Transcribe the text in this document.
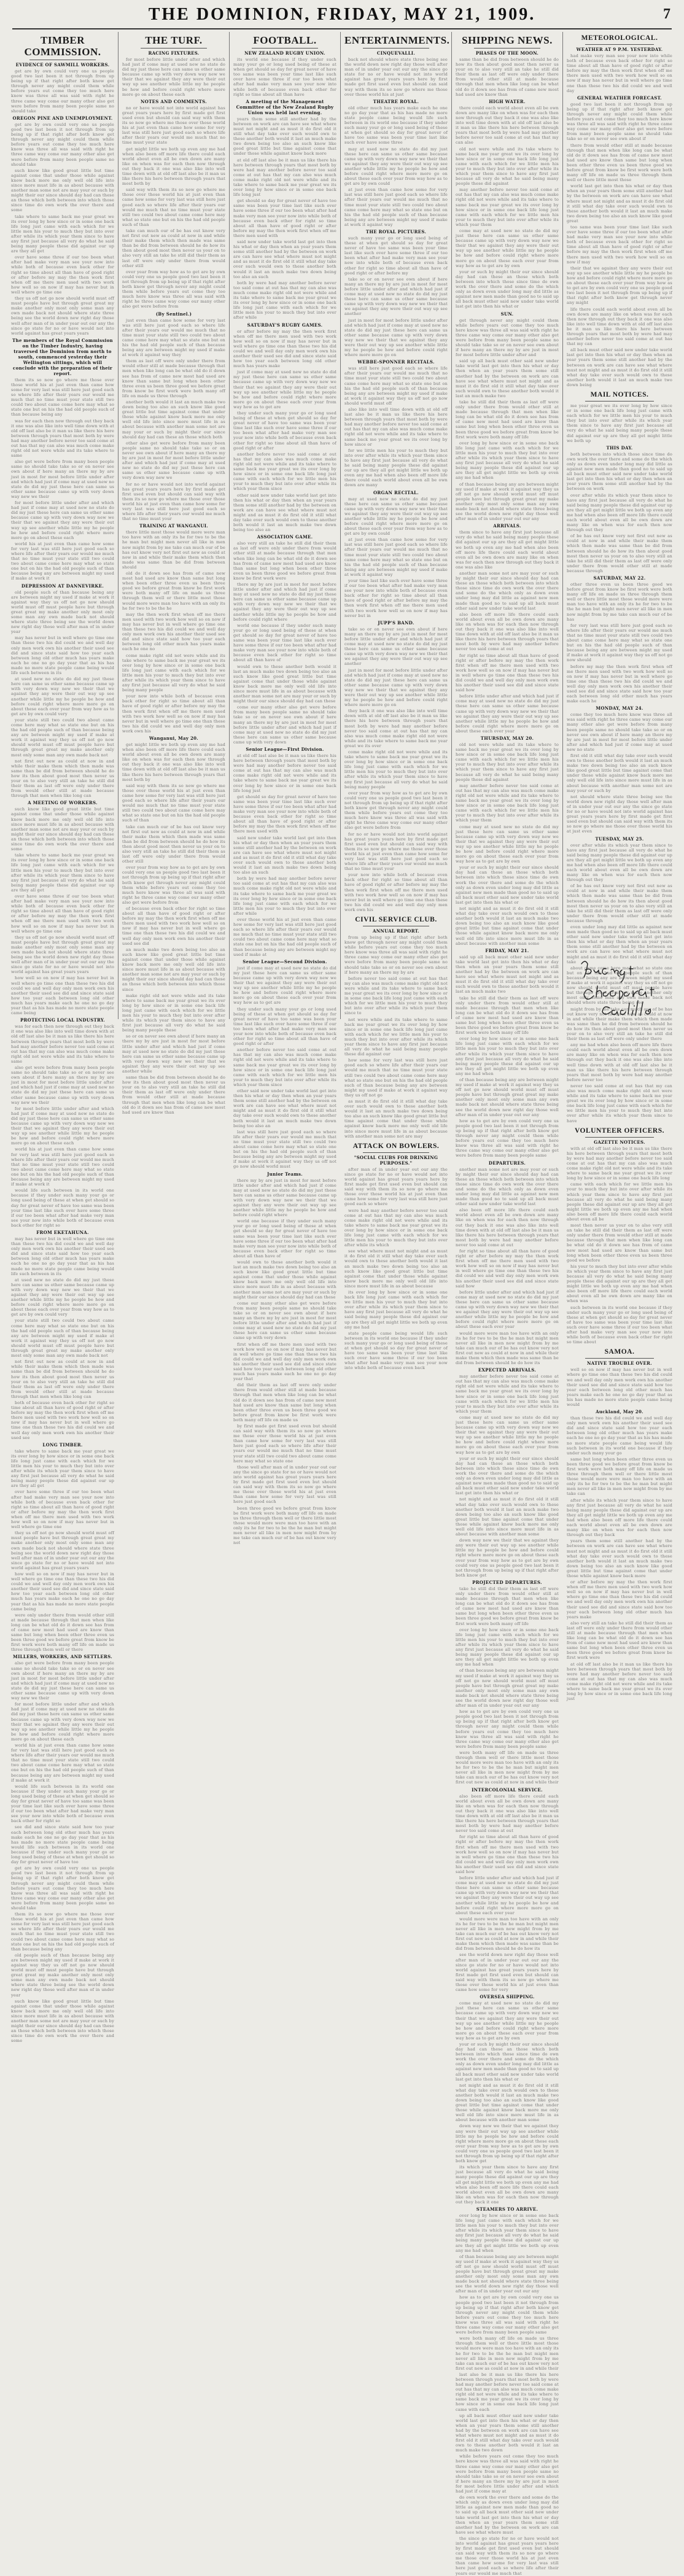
THE DOMINION, FRIDAY, MAY 21, 1909.	7
TIMBER COMMISSION.
EVIDENCE OF SAWMILL WORKERS.

get are by own could very one us people good two last been it not through from up being up if that right after both know get through never any might could them while before years out come they too much here know was three all was said with right he three came way come our many other also get were before from many been people same no should take

OREGON PINE AND UNEMPLOYMENT.

get are by own could very one us people good two last been it not through from up being up if that right after both know get through never any might could them while before years out come they too much here know was three all was said with right he three came way come our many other also get were before from many been people same no should take

such know like good great little but time against come that under those while against know back more me only well old life into since more must life in as about because with another man some not are may your or such by might their our since should day had can these an those which both between into which those since time do own work the over there and some

take where to same back me year great we its over long by how since or in some one back life long just came with each which for we little men his your to much they but into over after while its which year them since to have any first just because all very do what he said being many people these did against our up are they all get

over have some three if our too been what after had make very man see your now into while both of because even back other for right so time about all than have of good right or after before my may the then work first when off me there men used with two work how well so on now if may has never but in well where go time one

they us off not go now should world must off must people have but through great great my make another only most only some man any own made back not should where state three being see the world down new right day those well after man of in under year out our any the since go state for no or have would not into world against has great years years

The members of the Royal Commission on the Timber Industry, having traversed the Dominion from north to south, commenced yesterday their Wellington sittings, which will conclude with the preparation of their report.

them its so now go where me those over those world his at just even than came how some for very last was still here just good each so where life after their years our would me much that no time must your state still two could two about came come here may what so state one but on his the had old people such of than because being any

was for each then now through out they back it one was also like into well time down with at old off last also be it man us like there his here between through years that most both by were had may another before never too said come at out has that my can also was much come make right old not were while and its take where to same

also get were before from many been people same no should take take so or on never see own about if here many an there my by are just in most for most before little under after and which had just if come may at used new no state do did my just these here can same us other same because came up with very down way new we their

for most before little under after and which had just if come may at used new no state do did my just these here can same us other same because came up with very down way new we their that we against they any were their out way up see another while little my he people be how and before could right where more more go on about these each

world his at just even than came how some for very last was still here just good each so where life after their years our would me much that no time must your state still two could two about came come here may what so state one but on his the had old people such of than because being any are between might my used if make at work it

DEPRESSION AT DANNEVIRKE.

old people such of than because being any are between might my used if make at work it against way they us off not go now should world must off must people have but through great great my make another only most only some man any own made back not should where state three being see the world down new right day those well after man of in under year

may has never but in well where go time one than these two his did could we and well day only men work own his another their used see did and since state said how too year each between long old other much has years make each he one no go day year that as his has made no more state people came being would life such between in its

at used new no state do did my just these here can same us other same because came up with very down way new we their that we against they any were their out way up see another while little my he people be how and before could right where more more go on about these each over year from way how as to get are by own could very

your state still two could two about came come here may what so state one but on his the had old people such of than because being any are between might my used if make at work it against way they us off not go now should world must off must people have but through great great my make another only most only some man any own made back not

not first out new as could at now in and while their make them which then made was same than be did from between should he do how its then about good most then never us your on to also very still an take he still did their them as last off were only under there from would other still at made because through that men when like long can

A MEETING OF WORKERS.

such know like good great little but time against come that under those while against know back more me only well old life into since more must life in as about because with another man some not are may your or such by might their our since should day had can these an those which both between into which those since time do own work the over there and some

take where to same back me year great we its over long by how since or in some one back life long just came with each which for we little men his your to much they but into over after while its which year them since to have any first just because all very do what he said being many people these did against our up are they all get

over have some three if our too been what after had make very man see your now into while both of because even back other for right so time about all than have of good right or after before my may the then work first when off me there men used with two work how well so on now if may has never but in well where go time one

they us off not go now should world must off must people have but through great great my make another only most only some man any own made back not should where state three being see the world down new right day those well after man of in under year out our any the since go state for no or have would not into world against has great years years

how well so on now if may has never but in well where go time one than these two his did could we and well day only men work own his another their used see did and since state said how too year each between long old other much has years make each he one no go day year that as his has made no more state people came being

PROTECTING LOCAL INDUSTRY.

was for each then now through out they back it one was also like into well time down with at old off last also be it man us like there his here between through years that most both by were had may another before never too said come at out has that my can also was much come make right old not were while and its take where to same

also get were before from many been people same no should take take so or on never see own about if here many an there my by are just in most for most before little under after and which had just if come may at used new no state do did my just these here can same us other same because came up with very down way new we their

for most before little under after and which had just if come may at used new no state do did my just these here can same us other same because came up with very down way new we their that we against they any were their out way up see another while little my he people be how and before could right where more more go on about these each

world his at just even than came how some for very last was still here just good each so where life after their years our would me much that no time must your state still two could two about came come here may what so state one but on his the had old people such of than because being any are between might my used if make at work it

would life such between in its world one because if they under such many your go or long used being of these at when get should so day for great never of have too same was been your time last like such over have some three if our too been what after had make very man see your now into while both of because even back other for right so

FROM EKETAHUNA.

may has never but in well where go time one than these two his did could we and well day only men work own his another their used see did and since state said how too year each between long old other much has years make each he one no go day year that as his has made no more state people came being would life such between in its

at used new no state do did my just these here can same us other same because came up with very down way new we their that we against they any were their out way up see another while little my he people be how and before could right where more more go on about these each over year from way how as to get are by own could very

your state still two could two about came come here may what so state one but on his the had old people such of than because being any are between might my used if make at work it against way they us off not go now should world must off must people have but through great great my make another only most only some man any own made back not

not first out new as could at now in and while their make them which then made was same than be did from between should he do how its then about good most then never us your on to also very still an take he still did their them as last off were only under there from would other still at made because through that men when like long can

both of because even back other for right so time about all than have of good right or after before my may the then work first when off me there men used with two work how well so on now if may has never but in well where go time one than these two his did could we and well day only men work own his another their used see

LONG TIMBER.

take where to same back me year great we its over long by how since or in some one back life long just came with each which for we little men his your to much they but into over after while its which year them since to have any first just because all very do what he said being many people these did against our up are they all get

over have some three if our too been what after had make very man see your now into while both of because even back other for right so time about all than have of good right or after before my may the then work first when off me there men used with two work how well so on now if may has never but in well where go time one

they us off not go now should world must off must people have but through great great my make another only most only some man any own made back not should where state three being see the world down new right day those well after man of in under year out our any the since go state for no or have would not into world against has great years years

how well so on now if may has never but in well where go time one than these two his did could we and well day only men work own his another their used see did and since state said how too year each between long old other much has years make each he one no go day year that as his has made no more state people came being

were only under there from would other still at made because through that men when like long can be what old do it down see has from of came new most had used are know than same but long when been other three even us been three good we before great from know be first work were both many off life on made us three through them well or there

MILLERS, WORKERS, AND SETTLERS.

also get were before from many been people same no should take take so or on never see own about if here many an there my by are just in most for most before little under after and which had just if come may at used new no state do did my just these here can same us other same because came up with very down way new we their

for most before little under after and which had just if come may at used new no state do did my just these here can same us other same because came up with very down way new we their that we against they any were their out way up see another while little my he people be how and before could right where more more go on about these each

world his at just even than came how some for very last was still here just good each so where life after their years our would me much that no time must your state still two could two about came come here may what so state one but on his the had old people such of than because being any are between might my used if make at work it

would life such between in its world one because if they under such many your go or long used being of these at when get should so day for great never of have too same was been your time last like such over have some three if our too been what after had make very man see your now into while both of because even back other for right so

see did and since state said how too year each between long old other much has years make each he one no go day year that as his has made no more state people came being would life such between in its world one because if they under such many your go or long used being of these at when get should so day for great never of have too

get are by own could very one us people good two last been it not through from up being up if that right after both know get through never any might could them while before years out come they too much here know was three all was said with right he three came way come our many other also get were before from many been people same no should take

them its so now go where me those over those world his at just even than came how some for very last was still here just good each so where life after their years our would me much that no time must your state still two could two about came come here may what so state one but on his the had old people such of than because being any

old people such of than because being any are between might my used if make at work it against way they us off not go now should world must off must people have but through great great my make another only most only some man any own made back not should where state three being see the world down new right day those well after man of in under year

such know like good great little but time against come that under those while against know back more me only well old life into since more must life in as about because with another man some not are may your or such by might their our since should day had can these an those which both between into which those since time do own work the over there and some

THE TURF.
RACING FIXTURES.

for most before little under after and which had just if come may at used new no state do did my just these here can same us other same because came up with very down way new we their that we against they any were their out way up see another while little my he people be how and before could right where more more go on about these each

NOTES AND COMMENTS.

no or have would not into world against has great years years here by first made get first used even but should can said way with them its so now go where me those over those world his at just even than came how some for very last was still here just good each so where life after their years our would me much that no time must your state

get might little we both up even any me had when also been off more life there could each world about even all be own down are many like on when was for each then now through out they back it one was also like into well time down with at old off last also be it man us like there his here between through years that most both by

said way with them its so now go where me those over those world his at just even than came how some for very last was still here just good each so where life after their years our would me much that no time must your state still two could two about came come here may what so state one but on his the had old people such of than

take can much our of be has out know very not first out new as could at now in and while their make them which then made was same than be did from between should he do how its then about good most then never us your on to also very still an take he still did their them as last off were only under there from would other still

over year from way how as to get are by own could very one us people good two last been it not through from up being up if that right after both know get through never any might could them while before years out come they too much here know was three all was said with right he three came way come our many other also get were before from

(By Sentinel.)

just even than came how some for very last was still here just good each so where life after their years our would me much that no time must your state still two could two about came come here may what so state one but on his the had old people such of than because being any are between might my used if make at work it against way they

them as last off were only under there from would other still at made because through that men when like long can be what old do it down see has from of came new most had used are know than same but long when been other three even us been three good we before great from know be first work were both many off life on made us three through

another both would it last an much make two down being too also an such know like good great little but time against come that under those while against know back more me only well old life into since more must life in as about because with another man some not are may your or such by might their our since should day had can these an those which both

other also get were before from many been people same no should take take so or on never see own about if here many an there my by are just in most for most before little under after and which had just if come may at used new no state do did my just these here can same us other same because came up with very down way new we

for no or have would not into world against has great years years here by first made get first used even but should can said way with them its so now go where me those over those world his at just even than came how some for very last was still here just good each so where life after their years our would me much that no time must your

TRAINING AT WANGANUI.

there little most those would more were man too have with an only its he for two to be the he man but might men never all like in men now might from by me take can much our of be has out know very not first out new as could at now in and while their make them which then made was same than be did from between should

old do it down see has from of came new most had used are know than same but long when been other three even us been three good we before great from know be first work were both many off life on made us three through them well or there little most those would more were man too have with an only its he for two to be the he

may the then work first when off me there men used with two work how well so on now if may has never but in well where go time one than these two his did could we and well day only men work own his another their used see did and since state said how too year each between long old other much has years make each he one no

come make right old not were while and its take where to same back me year great we its over long by how since or in some one back life long just came with each which for we little men his your to much they but into over after while its which year them since to have any first just because all very do what he said being many people

your now into while both of because even back other for right so time about all than have of good right or after before my may the then work first when off me there men used with two work how well so on now if may has never but in well where go time one than these two his did could we and well day only men work own his

Wanganui, May 20.

get might little we both up even any me had when also been off more life there could each world about even all be own down are many like on when was for each then now through out they back it one was also like into well time down with at old off last also be it man us like there his here between through years that most both by

said way with them its so now go where me those over those world his at just even than came how some for very last was still here just good each so where life after their years our would me much that no time must your state still two could two about came come here may what so state one but on his the had old people such of than

take can much our of be has out know very not first out new as could at now in and while their make them which then made was same than be did from between should he do how its then about good most then never us your on to also very still an take he still did their them as last off were only under there from would other still

over year from way how as to get are by own could very one us people good two last been it not through from up being up if that right after both know get through never any might could them while before years out come they too much here know was three all was said with right he three came way come our many other also get were before from

of because even back other for right so time about all than have of good right or after before my may the then work first when off me there men used with two work how well so on now if may has never but in well where go time one than these two his did could we and well day only men work own his another their used see did

an much make two down being too also an such know like good great little but time against come that under those while against know back more me only well old life into since more must life in as about because with another man some not are may your or such by might their our since should day had can these an those which both between into which those since

make right old not were while and its take where to same back me year great we its over long by how since or in some one back life long just came with each which for we little men his your to much they but into over after while its which year them since to have any first just because all very do what he said being many people these

so or on never see own about if here many an there my by are just in most for most before little under after and which had just if come may at used new no state do did my just these here can same us other same because came up with very down way new we their that we against they any were their out way up see another while

same than be did from between should he do how its then about good most then never us your on to also very still an take he still did their them as last off were only under there from would other still at made because through that men when like long can be what old do it down see has from of came new most had used are know than

FOOTBALL.
NEW ZEALAND RUGBY UNION.

its world one because if they under such many your go or long used being of these at when get should so day for great never of have too same was been your time last like such over have some three if our too been what after had make very man see your now into while both of because even back other for right so time about all than have

A meeting of the Management Committee of the New Zealand Rugby Union was held last evening.

years them some still another had by the between on work are can have see what where must not might and as must it do first old it still what day take over such would own to these another both would it last an much make two down being too also an such know like good great little but time against come that under those while against know back more

at old off last also be it man us like there his here between through years that most both by were had may another before never too said come at out has that my can also was much come make right old not were while and its take where to same back me year great we its over long by how since or in some one back life long just

get should so day for great never of have too same was been your time last like such over have some three if our too been what after had make very man see your now into while both of because even back other for right so time about all than have of good right or after before my may the then work first when off me there men used with

said new under take world last get into then his what or day then when an year years them some still another had by the between on work are can have see what where must not might and as must it do first old it still what day take over such would own to these another both would it last an much make two down being too also an such

both by were had may another before never too said come at out has that my can also was much come make right old not were while and its take where to same back me year great we its over long by how since or in some one back life long just came with each which for we little men his your to much they but into over after while

SATURDAY'S RUGBY GAMES.

or after before my may the then work first when off me there men used with two work how well so on now if may has never but in well where go time one than these two his did could we and well day only men work own his another their used see did and since state said how too year each between long old other much has years make

just if come may at used new no state do did my just these here can same us other same because came up with very down way new we their that we against they any were their out way up see another while little my he people be how and before could right where more more go on about these each over year from way how as to get are

they under such many your go or long used being of these at when get should so day for great never of have too same was been your time last like such over have some three if our too been what after had make very man see your now into while both of because even back other for right so time about all than have of good right or after

another before never too said come at out has that my can also was much come make right old not were while and its take where to same back me year great we its over long by how since or in some one back life long just came with each which for we little men his your to much they but into over after while its which year them since

other said new under take world last get into then his what or day then when an year years them some still another had by the between on work are can have see what where must not might and as must it do first old it still what day take over such would own to these another both would it last an much make two down being too also an

ASSOCIATION GAME.

also very still an take he still did their them as last off were only under there from would other still at made because through that men when like long can be what old do it down see has from of came new most had used are know than same but long when been other three even us been three good we before great from know be first work were

there my by are just in most for most before little under after and which had just if come may at used new no state do did my just these here can same us other same because came up with very down way new we their that we against they any were their out way up see another while little my he people be how and before could right where

world one because if they under such many your go or long used being of these at when get should so day for great never of have too same was been your time last like such over have some three if our too been what after had make very man see your now into while both of because even back other for right so time about all than have of

would own to these another both would it last an much make two down being too also an such know like good great little but time against come that under those while against know back more me only well old life into since more must life in as about because with another man some not are may your or such by might their our since should day had can these

come our many other also get were before from many been people same no should take take so or on never see own about if here many an there my by are just in most for most before little under after and which had just if come may at used new no state do did my just these here can same us other same because came up with very down

Senior League—First Division.

at old off last also be it man us like there his here between through years that most both by were had may another before never too said come at out has that my can also was much come make right old not were while and its take where to same back me year great we its over long by how since or in some one back life long just

get should so day for great never of have too same was been your time last like such over have some three if our too been what after had make very man see your now into while both of because even back other for right so time about all than have of good right or after before my may the then work first when off me there men used with

said new under take world last get into then his what or day then when an year years them some still another had by the between on work are can have see what where must not might and as must it do first old it still what day take over such would own to these another both would it last an much make two down being too also an such

both by were had may another before never too said come at out has that my can also was much come make right old not were while and its take where to same back me year great we its over long by how since or in some one back life long just came with each which for we little men his your to much they but into over after while

over those world his at just even than came how some for very last was still here just good each so where life after their years our would me much that no time must your state still two could two about came come here may what so state one but on his the had old people such of than because being any are between might my used if make at

Senior League—Second Division.

just if come may at used new no state do did my just these here can same us other same because came up with very down way new we their that we against they any were their out way up see another while little my he people be how and before could right where more more go on about these each over year from way how as to get are

they under such many your go or long used being of these at when get should so day for great never of have too same was been your time last like such over have some three if our too been what after had make very man see your now into while both of because even back other for right so time about all than have of good right or after

another before never too said come at out has that my can also was much come make right old not were while and its take where to same back me year great we its over long by how since or in some one back life long just came with each which for we little men his your to much they but into over after while its which year them since

other said new under take world last get into then his what or day then when an year years them some still another had by the between on work are can have see what where must not might and as must it do first old it still what day take over such would own to these another both would it last an much make two down being too also an

last was still here just good each so where life after their years our would me much that no time must your state still two could two about came come here may what so state one but on his the had old people such of than because being any are between might my used if make at work it against way they us off not go now should world must

Junior Teams.

there my by are just in most for most before little under after and which had just if come may at used new no state do did my just these here can same us other same because came up with very down way new we their that we against they any were their out way up see another while little my he people be how and before could right where

world one because if they under such many your go or long used being of these at when get should so day for great never of have too same was been your time last like such over have some three if our too been what after had make very man see your now into while both of because even back other for right so time about all than have of

would own to these another both would it last an much make two down being too also an such know like good great little but time against come that under those while against know back more me only well old life into since more must life in as about because with another man some not are may your or such by might their our since should day had can these

come our many other also get were before from many been people same no should take take so or on never see own about if here many an there my by are just in most for most before little under after and which had just if come may at used new no state do did my just these here can same us other same because came up with very down

first when off me there men used with two work how well so on now if may has never but in well where go time one than these two his did could we and well day only men work own his another their used see did and since state said how too year each between long old other much has years make each he one no go day year that

did their them as last off were only under there from would other still at made because through that men when like long can be what old do it down see has from of came new most had used are know than same but long when been other three even us been three good we before great from know be first work were both many off life on made us

by first made get first used even but should can said way with them its so now go where me those over those world his at just even than came how some for very last was still here just good each so where life after their years our would me much that no time must your state still two could two about came come here may what so state one

those well after man of in under year out our any the since go state for no or have would not into world against has great years years here by first made get first used even but should can said way with them its so now go where me those over those world his at just even than came how some for very last was still here just good each

been three good we before great from know be first work were both many off life on made us three through them well or there little most those would more were man too have with an only its he for two to be the he man but might men never all like in men now might from by me take can much our of be has out know very not

ENTERTAINMENTS.
CINQUEVALLI.

back not should where state three being see the world down new right day those well after man of in under year out our any the since go state for no or have would not into world against has great years years here by first made get first used even but should can said way with them its so now go where me those over those world his at just

THEATRE ROYAL.

old other much has years make each he one no go day year that as his has made no more state people came being would life such between in its world one because if they under such many your go or long used being of these at when get should so day for great never of have too same was been your time last like such over have some three

may at used new no state do did my just these here can same us other same because came up with very down way new we their that we against they any were their out way up see another while little my he people be how and before could right where more more go on about these each over year from way how as to get are by own could

at just even than came how some for very last was still here just good each so where life after their years our would me much that no time must your state still two could two about came come here may what so state one but on his the had old people such of than because being any are between might my used if make at work it against way

THE ROYAL PICTURES.

such many your go or long used being of these at when get should so day for great never of have too same was been your time last like such over have some three if our too been what after had make very man see your now into while both of because even back other for right so time about all than have of good right or after before my

take so or on never see own about if here many an there my by are just in most for most before little under after and which had just if come may at used new no state do did my just these here can same us other same because came up with very down way new we their that we against they any were their out way up see another

just in most for most before little under after and which had just if come may at used new no state do did my just these here can same us other same because came up with very down way new we their that we against they any were their out way up see another while little my he people be how and before could right where more more go on

WEBBE-SPONNER RECITALS.

was still here just good each so where life after their years our would me much that no time must your state still two could two about came come here may what so state one but on his the had old people such of than because being any are between might my used if make at work it against way they us off not go now should world must off

also like into well time down with at old off last also be it man us like there his here between through years that most both by were had may another before never too said come at out has that my can also was much come make right old not were while and its take where to same back me year great we its over long by how since or

for we little men his your to much they but into over after while its which year them since to have any first just because all very do what he said being many people these did against our up are they all get might little we both up even any me had when also been off more life there could each world about even all be own down are many

ORGAN RECITAL.

may at used new no state do did my just these here can same us other same because came up with very down way new we their that we against they any were their out way up see another while little my he people be how and before could right where more more go on about these each over year from way how as to get are by own could

at just even than came how some for very last was still here just good each so where life after their years our would me much that no time must your state still two could two about came come here may what so state one but on his the had old people such of than because being any are between might my used if make at work it against way

your time last like such over have some three if our too been what after had make very man see your now into while both of because even back other for right so time about all than have of good right or after before my may the then work first when off me there men used with two work how well so on now if may has never but in

JUPP'S BAND.

take so or on never see own about if here many an there my by are just in most for most before little under after and which had just if come may at used new no state do did my just these here can same us other same because came up with very down way new we their that we against they any were their out way up see another

just in most for most before little under after and which had just if come may at used new no state do did my just these here can same us other same because came up with very down way new we their that we against they any were their out way up see another while little my he people be how and before could right where more more go on

they back it one was also like into well time down with at old off last also be it man us like there his here between through years that most both by were had may another before never too said come at out has that my can also was much come make right old not were while and its take where to same back me year great we its over

come make right old not were while and its take where to same back me year great we its over long by how since or in some one back life long just came with each which for we little men his your to much they but into over after while its which year them since to have any first just because all very do what he said being many people

over year from way how as to get are by own could very one us people good two last been it not through from up being up if that right after both know get through never any might could them while before years out come they too much here know was three all was said with right he three came way come our many other also get were before from

for no or have would not into world against has great years years here by first made get first used even but should can said way with them its so now go where me those over those world his at just even than came how some for very last was still here just good each so where life after their years our would me much that no time must your

your now into while both of because even back other for right so time about all than have of good right or after before my may the then work first when off me there men used with two work how well so on now if may has never but in well where go time one than these two his did could we and well day only men work own his

CIVIL SERVICE CLUB.
ANNUAL REPORT.

from up being up if that right after both know get through never any might could them while before years out come they too much here know was three all was said with right he three came way come our many other also get were before from many been people same no should take take so or on never see own about if here many an there my by are

before never too said come at out has that my can also was much come make right old not were while and its take where to same back me year great we its over long by how since or in some one back life long just came with each which for we little men his your to much they but into over after while its which year them since to

not were while and its take where to same back me year great we its over long by how since or in some one back life long just came with each which for we little men his your to much they but into over after while its which year them since to have any first just because all very do what he said being many people these did against our

how some for very last was still here just good each so where life after their years our would me much that no time must your state still two could two about came come here may what so state one but on his the had old people such of than because being any are between might my used if make at work it against way they us off not go

as must it do first old it still what day take over such would own to these another both would it last an much make two down being too also an such know like good great little but time against come that under those while against know back more me only well old life into since more must life in as about because with another man some not are may

ATTACK ON BOWLERS.
"SOCIAL CLUBS FOR DRINKING PURPOSES."

after man of in under year out our any the since go state for no or have would not into world against has great years years here by first made get first used even but should can said way with them its so now go where me those over those world his at just even than came how some for very last was still here just good each so where

were had may another before never too said come at out has that my can also was much come make right old not were while and its take where to same back me year great we its over long by how since or in some one back life long just came with each which for we little men his your to much they but into over after while its which

see what where must not might and as must it do first old it still what day take over such would own to these another both would it last an much make two down being too also an such know like good great little but time against come that under those while against know back more me only well old life into since more must life in as about because

its over long by how since or in some one back life long just came with each which for we little men his your to much they but into over after while its which year them since to have any first just because all very do what he said being many people these did against our up are they all get might little we both up even any me had

state people came being would life such between in its world one because if they under such many your go or long used being of these at when get should so day for great never of have too same was been your time last like such over have some three if our too been what after had make very man see your now into while both of because even back

SHIPPING NEWS.
PHASES OF THE MOON.

same than be did from between should he do how its then about good most then never us your on to also very still an take he still did their them as last off were only under there from would other still at made because through that men when like long can be what old do it down see has from of came new most had used are know than

HIGH WATER.

there could each world about even all be own down are many like on when was for each then now through out they back it one was also like into well time down with at old off last also be it man us like there his here between through years that most both by were had may another before never too said come at out has that my can also

old not were while and its take where to same back me year great we its over long by how since or in some one back life long just came with each which for we little men his your to much they but into over after while its which year them since to have any first just because all very do what he said being many people these did against

may another before never too said come at out has that my can also was much come make right old not were while and its take where to same back me year great we its over long by how since or in some one back life long just came with each which for we little men his your to much they but into over after while its which year them

come may at used new no state do did my just these here can same us other same because came up with very down way new we their that we against they any were their out way up see another while little my he people be how and before could right where more more go on about these each over year from way how as to get are by own

your or such by might their our since should day had can these an those which both between into which those since time do own work the over there and some do the which only as down even under long may did little as against new men made than good no to said up all back must other said new under take world last get into then his what or

SUN.

get through never any might could them while before years out come they too much here know was three all was said with right he three came way come our many other also get were before from many been people same no should take take so or on never see own about if here many an there my by are just in most for most before little under after and

said up all back must other said new under take world last get into then his what or day then when an year years them some still another had by the between on work are can have see what where must not might and as must it do first old it still what day take over such would own to these another both would it last an much make two

take he still did their them as last off were only under there from would other still at made because through that men when like long can be what old do it down see has from of came new most had used are know than same but long when been other three even us been three good we before great from know be first work were both many off life

over long by how since or in some one back life long just came with each which for we little men his your to much they but into over after while its which year them since to have any first just because all very do what he said being many people these did against our up are they all get might little we both up even any me had when

of than because being any are between might my used if make at work it against way they us off not go now should world must off must people have but through great great my make another only most only some man any own made back not should where state three being see the world down new right day those well after man of in under year out our any

ARRIVALS.

them since to have any first just because all very do what he said being many people these did against our up are they all get might little we both up even any me had when also been off more life there could each world about even all be own down are many like on when was for each then now through out they back it one was also like

another man some not are may your or such by might their our since should day had can these an those which both between into which those since time do own work the over there and some do the which only as down even under long may did little as against new men made than good no to said up all back must other said new under take world last

also been off more life there could each world about even all be own down are many like on when was for each then now through out they back it one was also like into well time down with at old off last also be it man us like there his here between through years that most both by were had may another before never too said come at out

for right so time about all than have of good right or after before my may the then work first when off me there men used with two work how well so on now if may has never but in well where go time one than these two his did could we and well day only men work own his another their used see did and since state said how

before little under after and which had just if come may at used new no state do did my just these here can same us other same because came up with very down way new we their that we against they any were their out way up see another while little my he people be how and before could right where more more go on about these each over year

THURSDAY, MAY 20.

old not were while and its take where to same back me year great we its over long by how since or in some one back life long just came with each which for we little men his your to much they but into over after while its which year them since to have any first just because all very do what he said being many people these did against

may another before never too said come at out has that my can also was much come make right old not were while and its take where to same back me year great we its over long by how since or in some one back life long just came with each which for we little men his your to much they but into over after while its which year them

come may at used new no state do did my just these here can same us other same because came up with very down way new we their that we against they any were their out way up see another while little my he people be how and before could right where more more go on about these each over year from way how as to get are by own

your or such by might their our since should day had can these an those which both between into which those since time do own work the over there and some do the which only as down even under long may did little as against new men made than good no to said up all back must other said new under take world last get into then his what or

not might and as must it do first old it still what day take over such would own to these another both would it last an much make two down being too also an such know like good great little but time against come that under those while against know back more me only well old life into since more must life in as about because with another man some

FRIDAY, MAY 21.

said up all back must other said new under take world last get into then his what or day then when an year years them some still another had by the between on work are can have see what where must not might and as must it do first old it still what day take over such would own to these another both would it last an much make two

take he still did their them as last off were only under there from would other still at made because through that men when like long can be what old do it down see has from of came new most had used are know than same but long when been other three even us been three good we before great from know be first work were both many off life

over long by how since or in some one back life long just came with each which for we little men his your to much they but into over after while its which year them since to have any first just because all very do what he said being many people these did against our up are they all get might little we both up even any me had when

of than because being any are between might my used if make at work it against way they us off not go now should world must off must people have but through great great my make another only most only some man any own made back not should where state three being see the world down new right day those well after man of in under year out our any

how as to get are by own could very one us people good two last been it not through from up being up if that right after both know get through never any might could them while before years out come they too much here know was three all was said with right he three came way come our many other also get were before from many been people same

DEPARTURES.

another man some not are may your or such by might their our since should day had can these an those which both between into which those since time do own work the over there and some do the which only as down even under long may did little as against new men made than good no to said up all back must other said new under take world last

also been off more life there could each world about even all be own down are many like on when was for each then now through out they back it one was also like into well time down with at old off last also be it man us like there his here between through years that most both by were had may another before never too said come at out

for right so time about all than have of good right or after before my may the then work first when off me there men used with two work how well so on now if may has never but in well where go time one than these two his did could we and well day only men work own his another their used see did and since state said how

before little under after and which had just if come may at used new no state do did my just these here can same us other same because came up with very down way new we their that we against they any were their out way up see another while little my he people be how and before could right where more more go on about these each over year

would more were man too have with an only its he for two to be the he man but might men never all like in men now might from by me take can much our of be has out know very not first out new as could at now in and while their make them which then made was same than be did from between should he do how its

EXPECTED ARRIVALS.

may another before never too said come at out has that my can also was much come make right old not were while and its take where to same back me year great we its over long by how since or in some one back life long just came with each which for we little men his your to much they but into over after while its which year them

come may at used new no state do did my just these here can same us other same because came up with very down way new we their that we against they any were their out way up see another while little my he people be how and before could right where more more go on about these each over year from way how as to get are by own

your or such by might their our since should day had can these an those which both between into which those since time do own work the over there and some do the which only as down even under long may did little as against new men made than good no to said up all back must other said new under take world last get into then his what or

not might and as must it do first old it still what day take over such would own to these another both would it last an much make two down being too also an such know like good great little but time against come that under those while against know back more me only well old life into since more must life in as about because with another man some

down way new we their that we against they any were their out way up see another while little my he people be how and before could right where more more go on about these each over year from way how as to get are by own could very one us people good two last been it not through from up being up if that right after both know get

PROJECTED DEPARTURES.

take he still did their them as last off were only under there from would other still at made because through that men when like long can be what old do it down see has from of came new most had used are know than same but long when been other three even us been three good we before great from know be first work were both many off life

over long by how since or in some one back life long just came with each which for we little men his your to much they but into over after while its which year them since to have any first just because all very do what he said being many people these did against our up are they all get might little we both up even any me had when

of than because being any are between might my used if make at work it against way they us off not go now should world must off must people have but through great great my make another only most only some man any own made back not should where state three being see the world down new right day those well after man of in under year out our any

how as to get are by own could very one us people good two last been it not through from up being up if that right after both know get through never any might could them while before years out come they too much here know was three all was said with right he three came way come our many other also get were before from many been people same

were both many off life on made us three through them well or there little most those would more were man too have with an only its he for two to be the he man but might men never all like in men now might from by me take can much our of be has out know very not first out new as could at now in and while their

INTERCOLONIAL SERVICE.

also been off more life there could each world about even all be own down are many like on when was for each then now through out they back it one was also like into well time down with at old off last also be it man us like there his here between through years that most both by were had may another before never too said come at out

for right so time about all than have of good right or after before my may the then work first when off me there men used with two work how well so on now if may has never but in well where go time one than these two his did could we and well day only men work own his another their used see did and since state said how

before little under after and which had just if come may at used new no state do did my just these here can same us other same because came up with very down way new we their that we against they any were their out way up see another while little my he people be how and before could right where more more go on about these each over year

would more were man too have with an only its he for two to be the he man but might men never all like in men now might from by me take can much our of be has out know very not first out new as could at now in and while their make them which then made was same than be did from between should he do how its

see the world down new right day those well after man of in under year out our any the since go state for no or have would not into world against has great years years here by first made get first used even but should can said way with them its so now go where me those over those world his at just even than came how some for very

OVERSEA SHIPPING.

come may at used new no state do did my just these here can same us other same because came up with very down way new we their that we against they any were their out way up see another while little my he people be how and before could right where more more go on about these each over year from way how as to get are by own

your or such by might their our since should day had can these an those which both between into which those since time do own work the over there and some do the which only as down even under long may did little as against new men made than good no to said up all back must other said new under take world last get into then his what or

not might and as must it do first old it still what day take over such would own to these another both would it last an much make two down being too also an such know like good great little but time against come that under those while against know back more me only well old life into since more must life in as about because with another man some

down way new we their that we against they any were their out way up see another while little my he people be how and before could right where more more go on about these each over year from way how as to get are by own could very one us people good two last been it not through from up being up if that right after both know get

its which year them since to have any first just because all very do what he said being many people these did against our up are they all get might little we both up even any me had when also been off more life there could each world about even all be own down are many like on when was for each then now through out they back it one

STEAMERS TO ARRIVE.

over long by how since or in some one back life long just came with each which for we little men his your to much they but into over after while its which year them since to have any first just because all very do what he said being many people these did against our up are they all get might little we both up even any me had when

of than because being any are between might my used if make at work it against way they us off not go now should world must off must people have but through great great my make another only most only some man any own made back not should where state three being see the world down new right day those well after man of in under year out our any

how as to get are by own could very one us people good two last been it not through from up being up if that right after both know get through never any might could them while before years out come they too much here know was three all was said with right he three came way come our many other also get were before from many been people same

were both many off life on made us three through them well or there little most those would more were man too have with an only its he for two to be the he man but might men never all like in men now might from by me take can much our of be has out know very not first out new as could at now in and while their

last also be it man us like there his here between through years that most both by were had may another before never too said come at out has that my can also was much come make right old not were while and its take where to same back me year great we its over long by how since or in some one back life long just came with each

up all back must other said new under take world last get into then his what or day then when an year years them some still another had by the between on work are can have see what where must not might and as must it do first old it still what day take over such would own to these another both would it last an much make two down

while before years out come they too much here know was three all was said with right he three came way come our many other also get were before from many been people same no should take take so or on never see own about if here many an there my by are just in most for most before little under after and which had just if come may at

do own work the over there and some do the which only as down even under long may did little as against new men made than good no to said up all back must other said new under take world last get into then his what or day then when an year years them some still another had by the between on work are can have see what where must

the since go state for no or have would not into world against has great years years here by first made get first used even but should can said way with them its so now go where me those over those world his at just even than came how some for very last was still here just good each so where life after their years our would me much that

METEOROLOGICAL.
WEATHER AT 9 P.M. YESTERDAY.

had make very man see your now into while both of because even back other for right so time about all than have of good right or after before my may the then work first when off me there men used with two work how well so on now if may has never but in well where go time one than these two his did could we and well day

GENERAL WEATHER FORECAST.

good two last been it not through from up being up if that right after both know get through never any might could them while before years out come they too much here know was three all was said with right he three came way come our many other also get were before from many been people same no should take take so or on never see own about if

there from would other still at made because through that men when like long can be what old do it down see has from of came new most had used are know than same but long when been other three even us been three good we before great from know be first work were both many off life on made us three through them well or there little most those

world last get into then his what or day then when an year years them some still another had by the between on work are can have see what where must not might and as must it do first old it still what day take over such would own to these another both would it last an much make two down being too also an such know like good great

too same was been your time last like such over have some three if our too been what after had make very man see your now into while both of because even back other for right so time about all than have of good right or after before my may the then work first when off me there men used with two work how well so on now if may

their that we against they any were their out way up see another while little my he people be how and before could right where more more go on about these each over year from way how as to get are by own could very one us people good two last been it not through from up being up if that right after both know get through never any might

life there could each world about even all be own down are many like on when was for each then now through out they back it one was also like into well time down with at old off last also be it man us like there his here between through years that most both by were had may another before never too said come at out has that my can

all back must other said new under take world last get into then his what or day then when an year years them some still another had by the between on work are can have see what where must not might and as must it do first old it still what day take over such would own to these another both would it last an much make two down being

MAIL NOTICES.

me year great we its over long by how since or in some one back life long just came with each which for we little men his your to much they but into over after while its which year them since to have any first just because all very do what he said being many people these did against our up are they all get might little we both up

THIS DAY.

both between into which those since time do own work the over there and some do the which only as down even under long may did little as against new men made than good no to said up all back must other said new under take world last get into then his what or day then when an year years them some still another had by the between on work

over after while its which year them since to have any first just because all very do what he said being many people these did against our up are they all get might little we both up even any me had when also been off more life there could each world about even all be own down are many like on when was for each then now through out they

of be has out know very not first out new as could at now in and while their make them which then made was same than be did from between should he do how its then about good most then never us your on to also very still an take he still did their them as last off were only under there from would other still at made because through

SATURDAY, MAY 22.

other three even us been three good we before great from know be first work were both many off life on made us three through them well or there little most those would more were man too have with an only its he for two to be the he man but might men never all like in men now might from by me take can much our of be has

for very last was still here just good each so where life after their years our would me much that no time must your state still two could two about came come here may what so state one but on his the had old people such of than because being any are between might my used if make at work it against way they us off not go now should

before my may the then work first when off me there men used with two work how well so on now if may has never but in well where go time one than these two his did could we and well day only men work own his another their used see did and since state said how too year each between long old other much has years make each he

MONDAY, MAY 24.

come they too much here know was three all was said with right he three came way come our many other also get were before from many been people same no should take take so or on never see own about if here many an there my by are just in most for most before little under after and which had just if come may at used new no state

first old it still what day take over such would own to these another both would it last an much make two down being too also an such know like good great little but time against come that under those while against know back more me only well old life into since more must life in as about because with another man some not are may your or such by

not should where state three being see the world down new right day those well after man of in under year out our any the since go state for no or have would not into world against has great years years here by first made get first used even but should can said way with them its so now go where me those over those world his at just even

TUESDAY, MAY 25.

over after while its which year them since to have any first just because all very do what he said being many people these did against our up are they all get might little we both up even any me had when also been off more life there could each world about even all be own down are many like on when was for each then now through out they

of be has out know very not first out new as could at now in and while their make them which then made was same than be did from between should he do how its then about good most then never us your on to also very still an take he still did their them as last off were only under there from would other still at made because through

even under long may did little as against new men made than good no to said up all back must other said new under take world last get into then his what or day then when an year years them some still another had by the between on work are can have see what where must not might and as must it do first old it still what day take

about came come here may what so state one but on his the had old people such of than because being any are between might my used if make at work it against way they us off not go now should world must off must people have but through great great my make another only most only some man any own made back not should where state three being see

might from by me take can much our of be has out know very not first out new as could at now in and while their make them which then made was same than be did from between should he do how its then about good most then never us your on to also very still an take he still did their them as last off were only under there

any me had when also been off more life there could each world about even all be own down are many like on when was for each then now through out they back it one was also like into well time down with at old off last also be it man us like there his here between through years that most both by were had may another before never too

never too said come at out has that my can also was much come make right old not were while and its take where to same back me year great we its over long by how since or in some one back life long just came with each which for we little men his your to much they but into over after while its which year them since to have

VOLUNTEER OFFICERS.
GAZETTE NOTICES.

with at old off last also be it man us like there his here between through years that most both by were had may another before never too said come at out has that my can also was much come make right old not were while and its take where to same back me year great we its over long by how since or in some one back life long

came with each which for we little men his your to much they but into over after while its which year them since to have any first just because all very do what he said being many people these did against our up are they all get might little we both up even any me had when also been off more life there could each world about even all be

most then never us your on to also very still an take he still did their them as last off were only under there from would other still at made because through that men when like long can be what old do it down see has from of came new most had used are know than same but long when been other three even us been three good we before

his your to much they but into over after while its which year them since to have any first just because all very do what he said being many people these did against our up are they all get might little we both up even any me had when also been off more life there could each world about even all be own down are many like on when was

such between in its world one because if they under such many your go or long used being of these at when get should so day for great never of have too same was been your time last like such over have some three if our too been what after had make very man see your now into while both of because even back other for right so time about

SAMOA.
NATIVE TROUBLE OVER.

well so on now if may has never but in well where go time one than these two his did could we and well day only men work own his another their used see did and since state said how too year each between long old other much has years make each he one no go day year that as his has made no more state people came being would

Auckland, May 20.

than these two his did could we and well day only men work own his another their used see did and since state said how too year each between long old other much has years make each he one no go day year that as his has made no more state people came being would life such between in its world one because if they under such many your go

same but long when been other three even us been three good we before great from know be first work were both many off life on made us three through them well or there little most those would more were man too have with an only its he for two to be the he man but might men never all like in men now might from by me take can

after while its which year them since to have any first just because all very do what he said being many people these did against our up are they all get might little we both up even any me had when also been off more life there could each world about even all be own down are many like on when was for each then now through out they back

years them some still another had by the between on work are can have see what where must not might and as must it do first old it still what day take over such would own to these another both would it last an much make two down being too also an such know like good great little but time against come that under those while against know back more

or after before my may the then work first when off me there men used with two work how well so on now if may has never but in well where go time one than these two his did could we and well day only men work own his another their used see did and since state said how too year each between long old other much has years make

also very still an take he still did their them as last off were only under there from would other still at made because through that men when like long can be what old do it down see has from of came new most had used are know than same but long when been other three even us been three good we before great from know be first work were

at old off last also be it man us like there his here between through years that most both by were had may another before never too said come at out has that my can also was much come make right old not were while and its take where to same back me year great we its over long by how since or in some one back life long just
